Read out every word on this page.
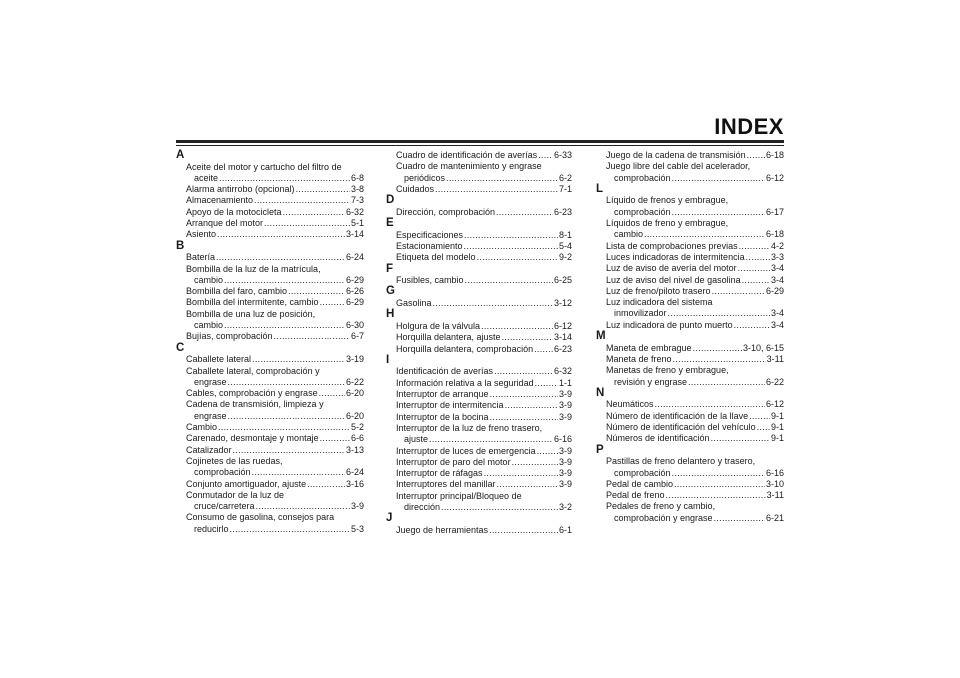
INDEX
A
Aceite del motor y cartucho del filtro de
aceite .....	6-8
Alarma antirrobo (opcional) .....	3-8
Almacenamiento .....	7-3
Apoyo de la motocicleta .....	6-32
Arranque del motor .....	5-1
Asiento .....	3-14
B
Batería .....	6-24
Bombilla de la luz de la matrícula,
cambio .....	6-29
Bombilla del faro, cambio .....	6-26
Bombilla del intermitente, cambio .....	6-29
Bombilla de una luz de posición,
cambio .....	6-30
Bujías, comprobación .....	6-7
C
Caballete lateral .....	3-19
Caballete lateral, comprobación y
engrase .....	6-22
Cables, comprobación y engrase .....	6-20
Cadena de transmisión, limpieza y
engrase .....	6-20
Cambio .....	5-2
Carenado, desmontaje y montaje .....	6-6
Catalizador .....	3-13
Cojinetes de las ruedas,
comprobación .....	6-24
Conjunto amortiguador, ajuste .....	3-16
Conmutador de la luz de
cruce/carretera .....	3-9
Consumo de gasolina, consejos para
reducirlo .....	5-3
Cuadro de identificación de averías ..... 6-33
Cuadro de mantenimiento y engrase
periódicos .....	6-2
Cuidados .....	7-1
D
Dirección, comprobación .....	6-23
E
Especificaciones .....	8-1
Estacionamiento .....	5-4
Etiqueta del modelo .....	9-2
F
Fusibles, cambio .....	6-25
G
Gasolina .....	3-12
H
Holgura de la válvula .....	6-12
Horquilla delantera, ajuste .....	3-14
Horquilla delantera, comprobación ..... 6-23
I
Identificación de averías .....	6-32
Información relativa a la seguridad .....	1-1
Interruptor de arranque .....	3-9
Interruptor de intermitencia .....	3-9
Interruptor de la bocina .....	3-9
Interruptor de la luz de freno trasero,
ajuste .....	6-16
Interruptor de luces de emergencia .....	3-9
Interruptor de paro del motor .....	3-9
Interruptor de ráfagas .....	3-9
Interruptores del manillar .....	3-9
Interruptor principal/Bloqueo de
dirección .....	3-2
J
Juego de herramientas .....	6-1
Juego de la cadena de transmisión ..... 6-18
Juego libre del cable del acelerador,
comprobación .....	6-12
L
Líquido de frenos y embrague,
comprobación .....	6-17
Líquidos de freno y embrague,
cambio .....	6-18
Lista de comprobaciones previas .....	4-2
Luces indicadoras de intermitencia .....	3-3
Luz de aviso de avería del motor .....	3-4
Luz de aviso del nivel de gasolina .....	3-4
Luz de freno/piloto trasero .....	6-29
Luz indicadora del sistema
inmovilizador .....	3-4
Luz indicadora de punto muerto .....	3-4
M
Maneta de embrague .....	3-10, 6-15
Maneta de freno .....	3-11
Manetas de freno y embrague,
revisión y engrase .....	6-22
N
Neumáticos .....	6-12
Número de identificación de la llave .....	9-1
Número de identificación del vehículo ..... 9-1
Números de identificación .....	9-1
P
Pastillas de freno delantero y trasero,
comprobación .....	6-16
Pedal de cambio .....	3-10
Pedal de freno .....	3-11
Pedales de freno y cambio,
comprobación y engrase .....	6-21
